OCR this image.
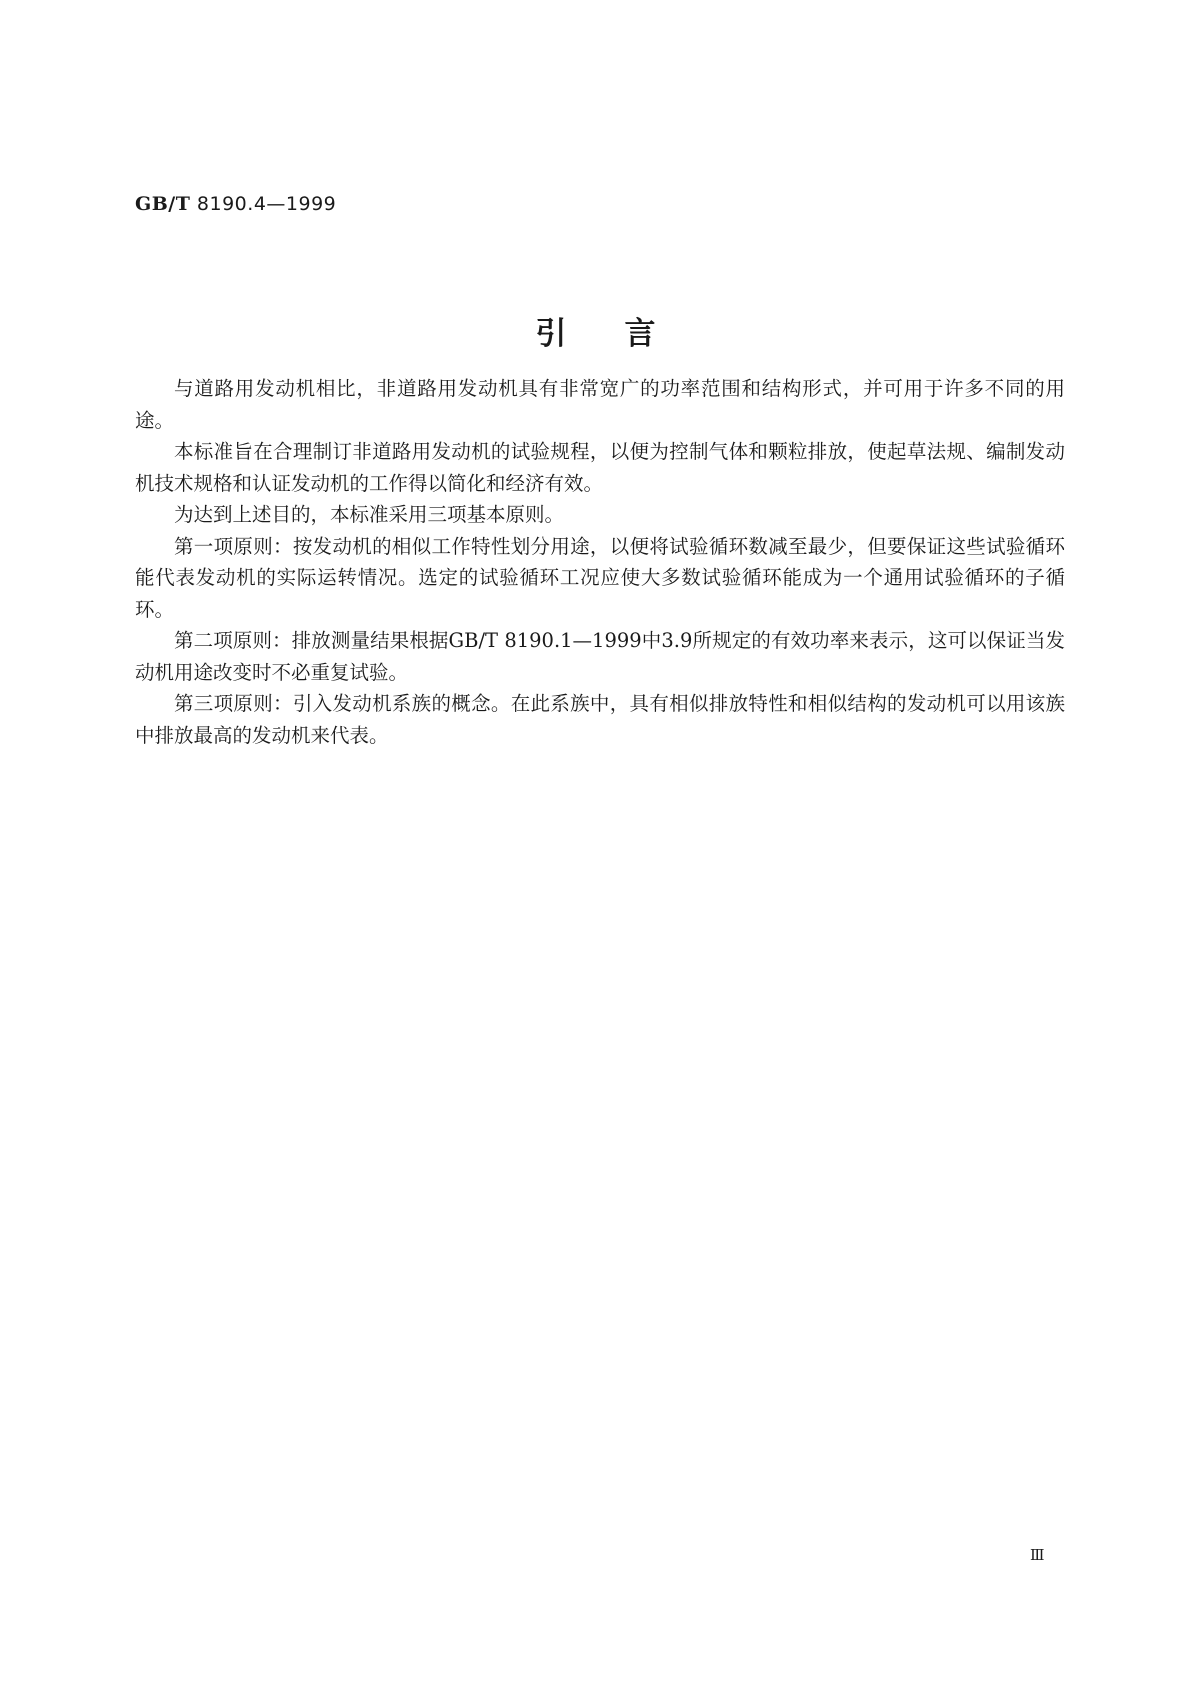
GB/T 8190.4—1999
引言

与道路用发动机相比，非道路用发动机具有非常宽广的功率范围和结构形式，并可用于许多不同的用途。

本标准旨在合理制订非道路用发动机的试验规程，以便为控制气体和颗粒排放，使起草法规、编制发动机技术规格和认证发动机的工作得以简化和经济有效。

为达到上述目的，本标准采用三项基本原则。

第一项原则：按发动机的相似工作特性划分用途，以便将试验循环数减至最少，但要保证这些试验循环能代表发动机的实际运转情况。选定的试验循环工况应使大多数试验循环能成为一个通用试验循环的子循环。

第二项原则：排放测量结果根据GB/T 8190.1—1999中3.9所规定的有效功率来表示，这可以保证当发动机用途改变时不必重复试验。

第三项原则：引入发动机系族的概念。在此系族中，具有相似排放特性和相似结构的发动机可以用该族中排放最高的发动机来代表。

Ⅲ
